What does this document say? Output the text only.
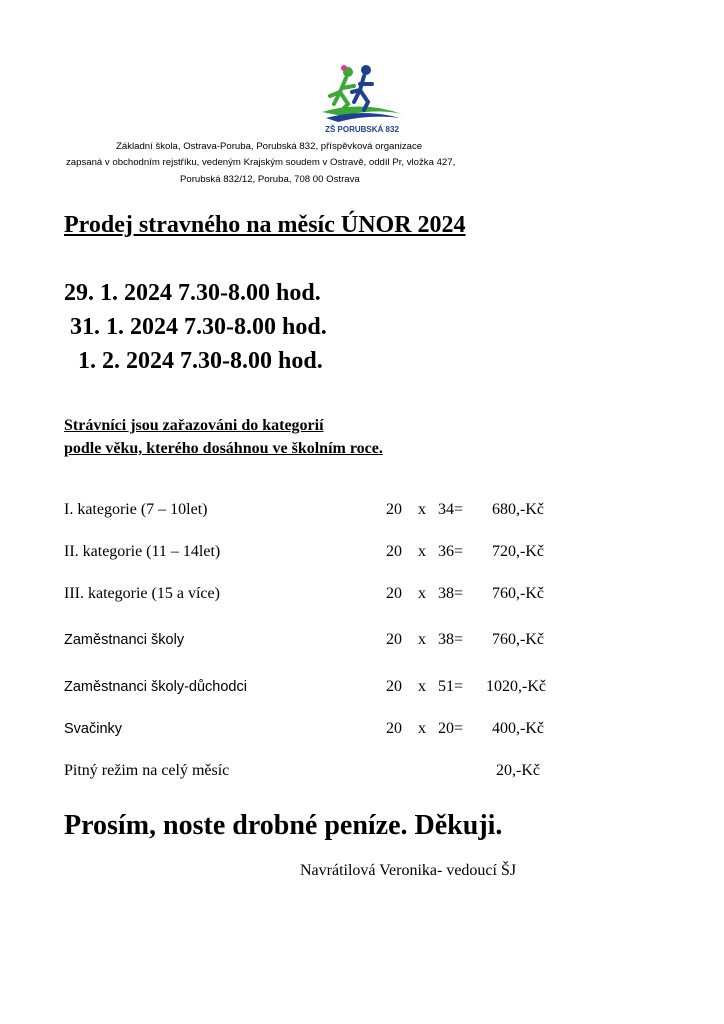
ZŠ PORUBSKÁ 832
Základní škola, Ostrava-Poruba, Porubská 832, příspěvková organizace
zapsaná v obchodním rejstříku, vedeným Krajským soudem v Ostravě, oddíl Pr, vložka 427,
Porubská 832/12, Poruba, 708 00 Ostrava
Prodej stravného na měsíc ÚNOR 2024
29. 1. 2024 7.30-8.00 hod.
31. 1. 2024 7.30-8.00 hod.
1. 2. 2024 7.30-8.00 hod.
Strávníci jsou zařazováni do kategorií
podle věku, kterého dosáhnou ve školním roce.
I. kategorie (7 – 10let)	20 x 34= 680,-Kč
II. kategorie (11 – 14let)	20 x 36= 720,-Kč
III. kategorie (15 a více)	20 x 38= 760,-Kč
Zaměstnanci školy	20 x 38= 760,-Kč
Zaměstnanci školy-důchodci	20 x 51= 1020,-Kč
Svačinky	20 x 20= 400,-Kč
Pitný režim na celý měsíc	20,-Kč
Prosím, noste drobné peníze. Děkuji.
Navrátilová Veronika- vedoucí ŠJ
